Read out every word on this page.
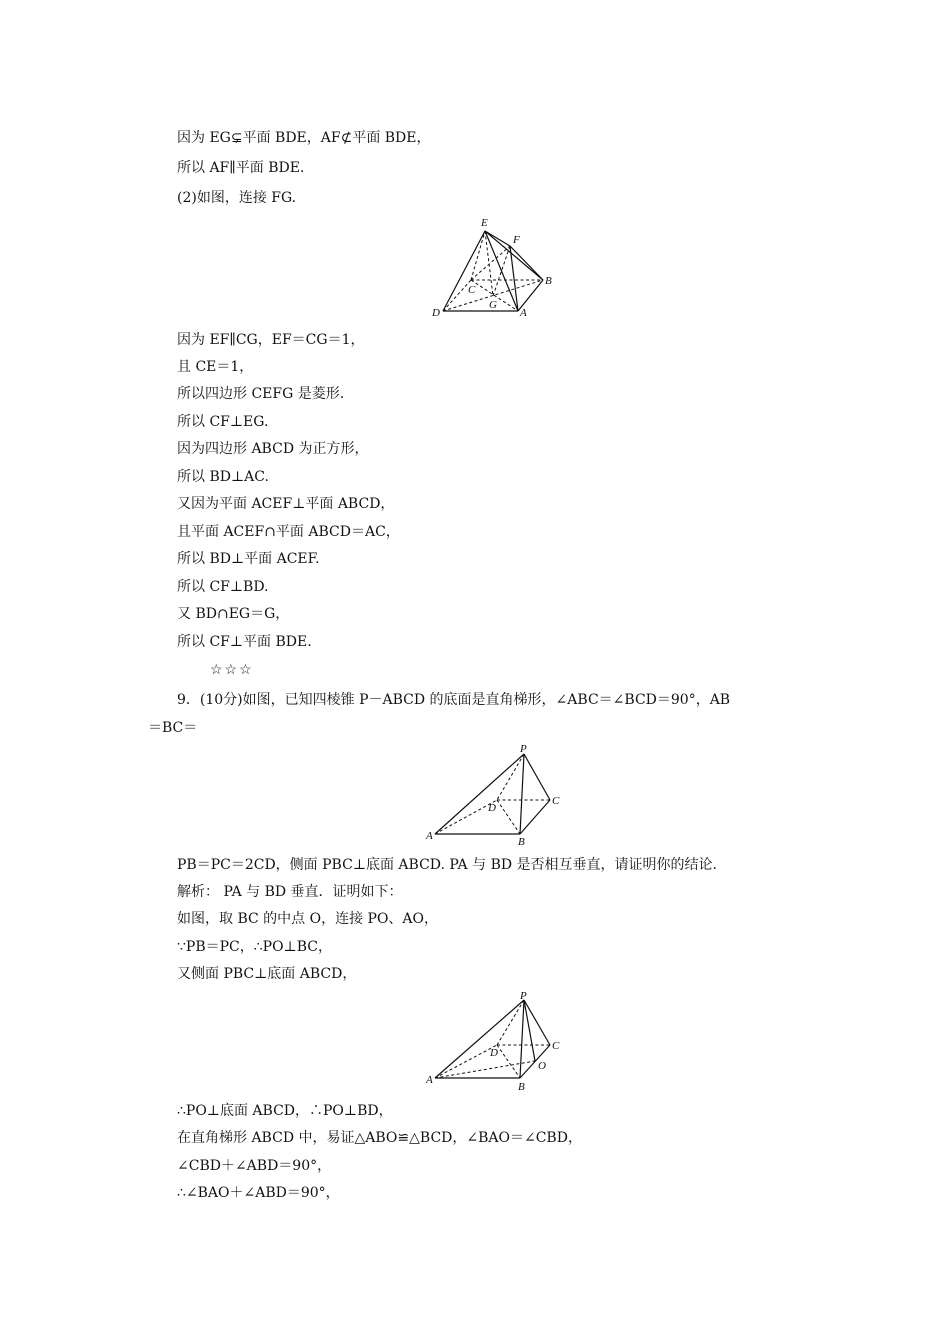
因为 EG⊊平面 BDE，AF⊄平面 BDE，
所以 AF∥平面 BDE.
(2)如图，连接 FG.
E
F
B
C
G
D	A
因为 EF∥CG，EF＝CG＝1，
且 CE＝1，
所以四边形 CEFG 是菱形.
所以 CF⊥EG.
因为四边形 ABCD 为正方形，
所以 BD⊥AC.
又因为平面 ACEF⊥平面 ABCD，
且平面 ACEF∩平面 ABCD＝AC，
所以 BD⊥平面 ACEF.
所以 CF⊥BD.
又 BD∩EG＝G，
所以 CF⊥平面 BDE.
☆☆☆
9．(10分)如图，已知四棱锥 P－ABCD 的底面是直角梯形，∠ABC＝∠BCD＝90°，AB
＝BC＝
P
C
D
A	B
PB＝PC＝2CD，侧面 PBC⊥底面 ABCD. PA 与 BD 是否相互垂直，请证明你的结论.
解析： PA 与 BD 垂直．证明如下：
如图，取 BC 的中点 O，连接 PO、AO，
∵PB＝PC，∴PO⊥BC，
又侧面 PBC⊥底面 ABCD，
P
C
D
O
A
B
∴PO⊥底面 ABCD，∴PO⊥BD，
在直角梯形 ABCD 中，易证△ABO≌△BCD，∠BAO＝∠CBD，
∠CBD＋∠ABD＝90°，
∴∠BAO＋∠ABD＝90°，
